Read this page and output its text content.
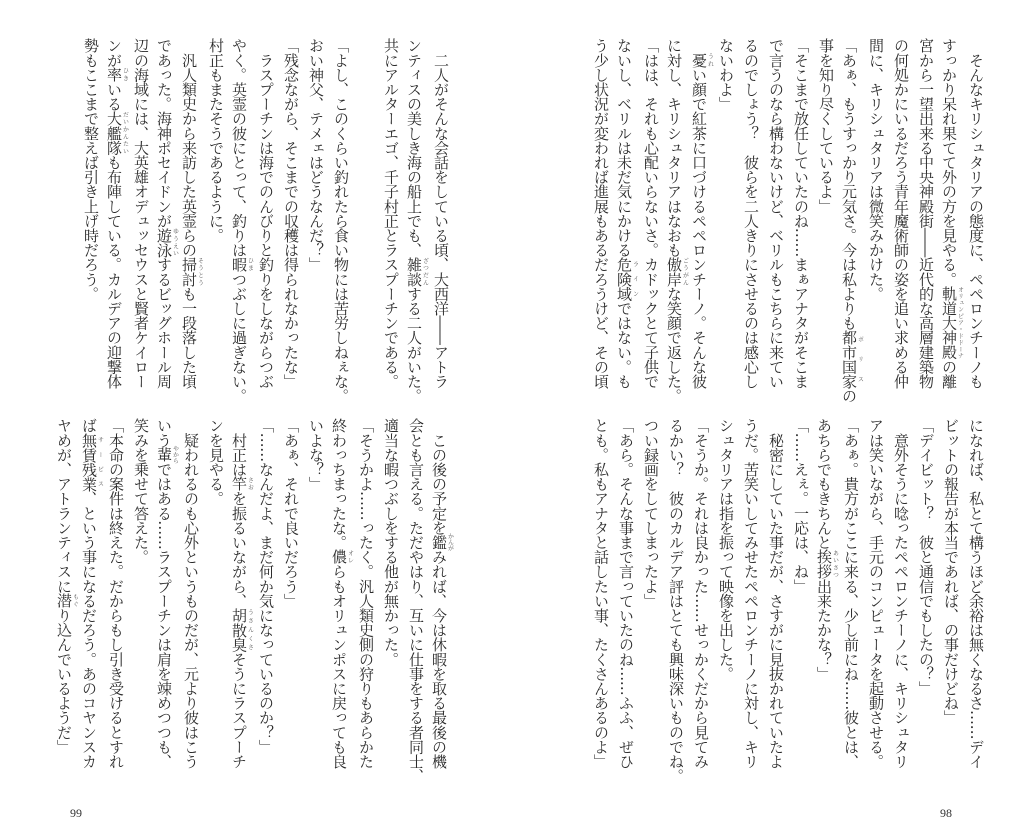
　そんなキリシュタリアの態度に、ペペロンチーノも
すっかり呆れ果てて外の方を見やる。軌道大神殿オリュンピア・ドドーナの離
宮から一望出来る中央神殿街――近代的な高層建築物
の何処かにいるだろう青年魔術師の姿を追い求める仲
間に、キリシュタリアは微笑みかけた。
「あぁ、もうすっかり元気さ。今は私よりも都市国家ポリスの
事を知り尽くしているよ」
「そこまで放任していたのね……まぁアナタがそこま
で言うのなら構わないけど、ベリルもこちらに来てい
るのでしょう？　彼らを二人きりにさせるのは感心し
ないわよ」
　憂うれい顔で紅茶に口づけるペペロンチーノ。そんな彼
に対し、キリシュタリアはなおも傲岸ごうがんな笑顔で返した。
「はは、それも心配いらないさ。カドックとて子供で
ないし、ベリルは未だ気にかける危険域ラインではない。も
う少し状況が変われば進展もあるだろうけど、その頃
になれば、私とて構うほど余裕は無くなるさ……デイ
ビットの報告が本当であれば、の事だけどね」
「デイビット？　彼と通信でもしたの？」
　意外そうに唸ったペペロンチーノに、キリシュタリ
アは笑いながら、手元のコンピュータを起動させる。
「あぁ。貴方がここに来る、少し前にね……彼とは、
あちらでもきちんと挨拶あいさつ出来たかな？」
「……えぇ。一応は、ね」
　秘密にしていた事だが、さすがに見抜かれていたよ
うだ。苦笑いしてみせたペペロンチーノに対し、キリ
シュタリアは指を振って映像を出した。
「そうか。それは良かった……せっかくだから見てみ
るかい？　彼のカルデア評はとても興味深いものでね。
つい録画をしてしまったよ」
「あら。そんな事まで言っていたのね……ふふ、ぜひ
とも。私もアナタと話したい事、たくさんあるのよ」
　二人がそんな会話をしている頃、大西洋――アトラ
ンティスの美しき海の船上でも、雑談ざつだんする二人がいた。
共にアルターエゴ、千子村正とラスプーチンである。
「よし、このくらい釣れたら食い物には苦労しねぇな。
おい神父、テメェはどうなんだ？」
「残念ながら、そこまでの収穫は得られなかったな」
　ラスプーチンは海でのんびりと釣りをしながらつぶ
やく。英霊の彼にとって、釣りは暇ひまつぶしに過ぎない。
村正もまたそうであるように。
　汎人類史から来訪した英霊らの掃討そうとうも一段落した頃
であった。海神ポセイドンが遊泳ゆうえいするビッグホール周
辺の海域には、大英雄オデュッセウスと賢者ケイロー
ンが率ひきいる大艦隊だいかんたいも布陣している。カルデアの迎撃体
勢もここまで整えば引き上げ時だろう。
　この後の予定を鑑かんがみれば、今は休暇を取る最後の機
会とも言える。ただやはり、互いに仕事をする者同士、
適当な暇つぶしをする他が無かった。
「そうかよ……ったく。汎人類史側の狩りもあらかた
終わっちまったな。儂オレらもオリュンポスに戻っても良
いよな？」
「あぁ、それで良いだろう」
「……なんだよ、まだ何か気になっているのか？」
　村正は竿さおを振るいながら、胡散臭うさんくさそうにラスプーチ
ンを見やる。
　疑われるのも心外というものだが、元より彼はこう
いう輩やからではある……ラスプーチンは肩を竦めつつも、
笑みを乗せて答えた。
「本命の案件は終えた。だからもし引き受けるとすれ
ば無賃残業サービス、という事になるだろう。あのコヤンスカ
ヤめが、アトランティスに潜もぐり込んでいるようだ」
99	98
